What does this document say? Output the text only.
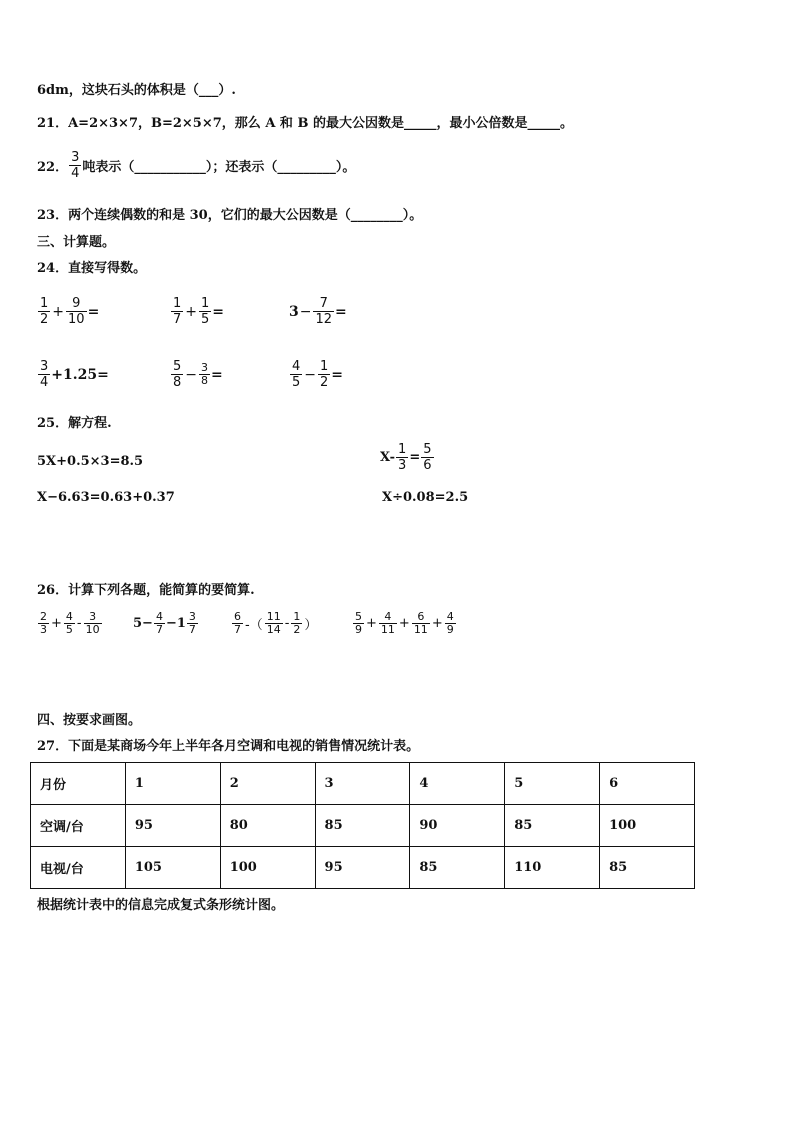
6dm，这块石头的体积是（___）.
21．A=2×3×7，B=2×5×7，那么 A 和 B 的最大公因数是_____，最小公倍数是_____。
22． $\frac{3}{4}$ 吨表示（___________）；还表示（_________）。
23．两个连续偶数的和是 30，它们的最大公因数是（________）。
三、计算题。
24．直接写得数。
$\frac{1}{2} + \frac{9}{10}$ =	$\frac{1}{7} + \frac{1}{5}$ =	$3 - \frac{7}{12}$ =
$\frac{3}{4} +1.25=$	$\frac{5}{8} - \frac{3}{8}$ =	$\frac{4}{5} - \frac{1}{2}$ =
25．解方程.
5X+0.5×3=8.5	$X- \frac{1}{3} = \frac{5}{6}$
X−6.63=0.63+0.37	X÷0.08=2.5
26．计算下列各题，能简算的要简算.
$\frac{2}{3} + \frac{4}{5} - \frac{3}{10} 5- \frac{4}{7} -1 \frac{3}{7}$	$\frac{6}{7}$ -（ $\frac{11}{14} - \frac{1}{2}$ ）	$\frac{5}{9} + \frac{4}{11} + \frac{6}{11} + \frac{4}{9}$
四、按要求画图。
27．下面是某商场今年上半年各月空调和电视的销售情况统计表。
月份	1	2	3	4	5	6
空调/台	95	80	85	90	85	100
电视/台	105	100	95	85	110	85
根据统计表中的信息完成复式条形统计图。
